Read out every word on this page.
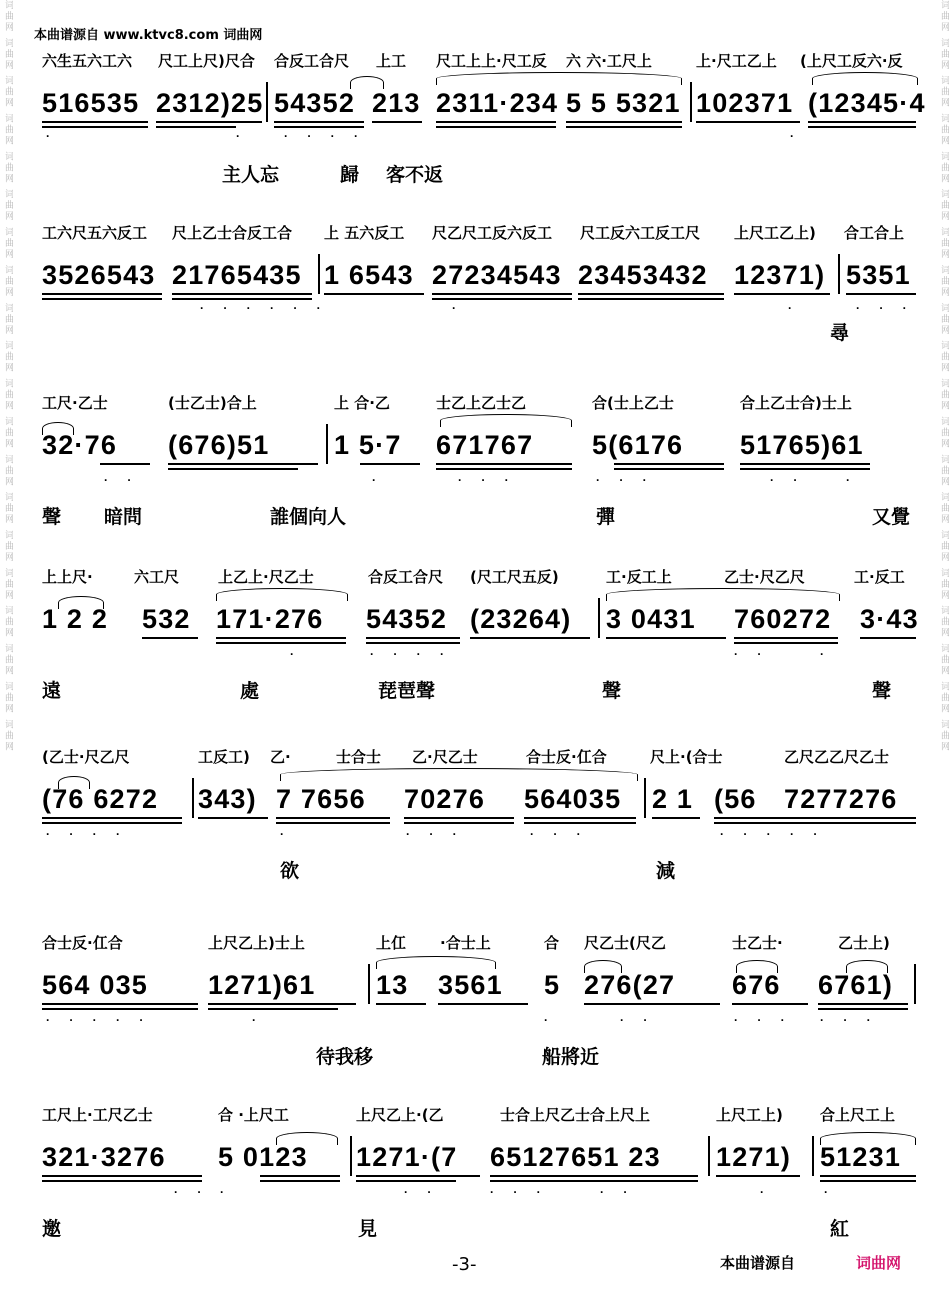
词曲网 词曲网 词曲网 词曲网 词曲网 词曲网 词曲网 词曲网 词曲网 词曲网 词曲网 词曲网 词曲网 词曲网 词曲网 词曲网 词曲网 词曲网 词曲网 词曲网	词曲网 词曲网 词曲网 词曲网 词曲网 词曲网 词曲网 词曲网 词曲网 词曲网 词曲网 词曲网 词曲网 词曲网 词曲网 词曲网 词曲网 词曲网 词曲网 词曲网
本曲谱源自 www.ktvc8.com 词曲网
六生五六工六 尺工上尺)尺合 合反工合尺 上工 尺工上上·尺工反 六 六·工尺上	上·尺工乙上 (上尺工反六·反
516535 2312)25 54352 213 2311·234 5 5 5321 102371 (12345·4
·	· · · ·
·	·
主人忘	歸 客不返
工六尺五六反工 尺上乙士合反工合 上 五六反工 尺乙尺工反六反工 尺工反六工反工尺 上尺工乙上) 合工合上
3526543 21765435 1 6543 27234543 23453432 12371) 5351
· · · · · ·	·	·	· · ·
尋
工尺·乙士	(士乙士)合上	上 合·乙	士乙上乙士乙	合(士上乙士	合上乙士合)士上
32·76 (676)51 1 5·7 671767 5(6176 51765)61
· ·	·	· · ·	· · ·	· ·	·
聲 暗問	誰個向人	彈	又覺
上上尺·	六工尺	上乙上·尺乙士	合反工合尺 (尺工尺五反)	工·反工上	乙士·尺乙尺	工·反工
1 2 2 532 171·276 54352 (23264) 3 0431 760272 3·43
·	· · · ·	· ·	·
遠	處	琵琶聲	聲	聲
(乙士·尺乙尺	工反工) 乙·	士合士 乙·尺乙士	合士反·仜合	尺上·(合士	乙尺乙乙尺乙士
(76 6272 343) 7 7656 70276 564035 2 1 (56 7277276
· · · ·	·	· · ·	· · ·	· · · · ·
欲	減
合士反·仜合	上尺乙上)士上	上仜 ·合士上	合 尺乙士(尺乙	士乙士·	乙士上)
564 035 1271)61 13 3561 5 276(27 676 6761)
· · · · ·	·	·	· ·	· · · · · ·
待我移	船將近
工尺上·工尺乙士	合 ·上尺工	上尺乙上·(乙	士合上尺乙士合上尺上	上尺工上) 合上尺工上
321·3276 5 0123 1271·(7 65127651 23 1271) 51231
· · ·	· ·	· · ·	· ·	·	·
邀	見	紅
-3-	本曲谱源自	词曲网
